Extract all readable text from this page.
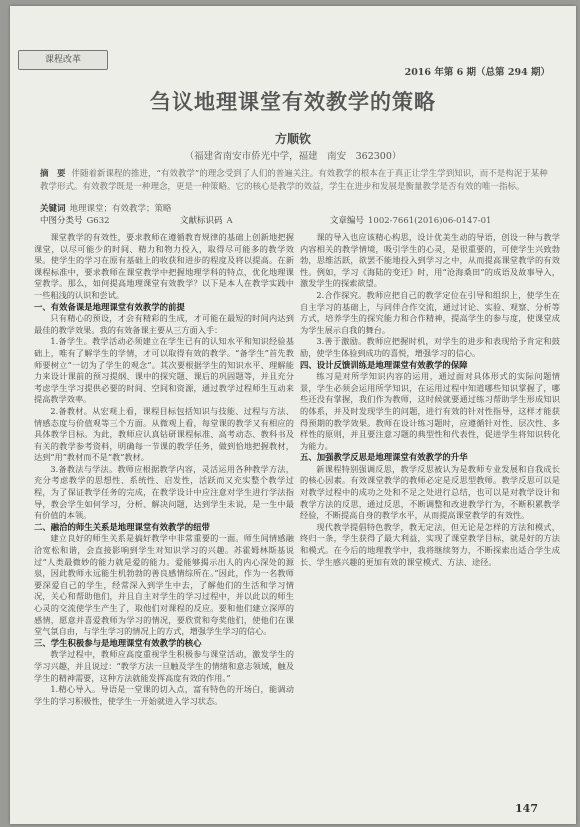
课程改革
2016 年第 6 期（总第 294 期）
刍议地理课堂有效教学的策略
方顺钦
（福建省南安市侨光中学，福建　南安　362300）
摘　要 伴随着新课程的推进，“有效教学”的理念受到了人们的普遍关注。有效教学的根本在于真正让学生学到知识，而不是构泥于某种教学形式。有效教学既是一种理念，更是一种策略。它的核心是教学的效益，学生在进步和发展是衡量教学是否有效的唯一指标。
关键词 地理课堂；有效教学；策略
中图分类号 G632	文献标识码 A	文章编号 1002-7661(2016)06-0147-01

课堂教学的有效性，要求教师在遵循教育规律的基础上创新地把握课堂，以尽可能少的时间、精力和物力投入，取得尽可能多的教学效果。使学生的学习在原有基础上的收获和进步的程度及将以提高。在新课程标准中，要求教师在课堂教学中把握地理学科的特点，优化地理课堂教学。那么，如何提高地理课堂有效教学？以下是本人在教学实践中一些粗浅的认识和尝试。

一、有效备课是地理课堂有效教学的前提

只有精心的预设，才会有精彩的生成，才可能在最短的时间内达到最佳的教学效果。我的有效备课主要从三方面入手：

1.备学生。教学活动必须建立在学生已有的认知水平和知识经验基础上，唯有了解学生的学情，才可以取得有效的教学。“备学生”首先教师要树立“一切为了学生的观念”。其次要根据学生的知识水平、理解能力来设计课前的预习提纲、课中的探究题、课后的巩固题等，并且充分考虑学生学习提供必要的时间、空间和资源，通过教学过程师生互动来提高教学效率。

2.备教材。从宏观上看，课程目标包括知识与技能、过程与方法、情感态度与价值观等三个方面。从微观上看，每堂课的教学又有相应的具体教学目标。为此，教师应认真钻研课程标准、高考动态、教科书及有关的教学参考资料，明确每一节课的教学任务，做到恰地把握教材，达到“用”教材而不是“教”教材。

3.备教法与学法。教师应根据教学内容，灵活运用各种教学方法，充分考虑教学的思想性、系统性、启发性，活跃而又充实整个教学过程，为了保证教学任务的完成，在教学设计中应注意对学生进行学法指导，教会学生如何学习，分析、解决问题，达到学生未说，是一生中最有价值的本领。

二、融洽的师生关系是地理课堂有效教学的纽带

建立良好的师生关系是搞好教学中非常重要的一面。师生间情感融洽宽松和谐，会直接影响到学生对知识学习的兴趣。苏霍姆林斯基说过“人类最微妙的能力就是爱的能力。爱能够揭示出人的内心深处的源泉，因此教师永远能生机勃勃的善良感情综所在。”因此，作为一名教师要深爱自己的学生，经常深入到学生中去，了解他们的生活和学习情况，关心和帮助他们，并且自主对学生的学习过程中，并以此以的师生心灵的交流使学生产生了，取他们对课程的反应。要和他们建立深厚的感情，愿意并喜爱教师为学习的情况，要欣赏和夸奖他们，使他们在课堂气氛自由，与学生学习的情况上的方式，增强学生学习的信心。

三、学生积极参与是地理课堂有效教学的核心

教学过程中，教师应高度重视学生积极参与课堂活动，激发学生的学习兴趣，并且说过：“教学方法一旦触及学生的情绪和意志领域，触及学生的精神需要，这种方法就能发挥高度有效的作用。”

1.精心导入。导语是一堂课的切入点，富有特色的开场白，能调动学生的学习积极性，使学生一开始就进入学习状态。

课的导入也应该精心构思，设计优美生动的导语，创设一种与教学内容相关的教学情境，吸引学生的心灵，是很重要的，可使学生兴致勃勃，思维活跃，欲罢不能地投入到学习之中，从而提高课堂教学的有效性。例如，学习《海陆的变迁》时，用“沧海桑田”的成语及故事导入，激发学生的探索欲望。

2.合作探究。教师应把自己的教学定位在引导和组织上，使学生在自主学习的基础上，与同伴合作交流，通过讨论、实验、观察、分析等方式，培养学生的探究能力和合作精神，提高学生的参与度，使课堂成为学生展示自我的舞台。

3.善于激励。教师应把握时机，对学生的进步和表现给予肯定和鼓励，使学生体验到成功的喜悦，增强学习的信心。

四、设计反馈训练是地理课堂有效教学的保障

练习是对所学知识内容的运用，通过面对具体形式的实际问题情景，学生必须会运用所学知识，在运用过程中知道哪些知识掌握了，哪些还没有掌握，我们作为教师，这时候就要通过练习帮助学生形成知识的体系，并及时发现学生的问题，进行有效的针对性指导，这样才能获得预期的教学效果。教师在设计练习题时，应遵循针对性、层次性、多样性的原则，并且要注意习题的典型性和代表性，促进学生将知识转化为能力。

五、加强教学反思是地理课堂有效教学的升华

新课程特别强调反思，教学反思被认为是教师专业发展和自我成长的核心因素。有效课堂教学的教师必定是反思型教师。教学反思可以是对教学过程中的成功之处和不足之处进行总结，也可以是对教学设计和教学方法的反思，通过反思，不断调整和改进教学行为，不断积累教学经验，不断提高自身的教学水平，从而提高课堂教学的有效性。

现代教学提倡特色教学，教无定法，但无论是怎样的方法和模式，终归一条，学生获得了最大利益，实现了课堂教学目标，就是好的方法和模式。在今后的地理教学中，我将继续努力，不断探索出适合学生成长、学生感兴趣的更加有效的课堂模式、方法、途径。

147
